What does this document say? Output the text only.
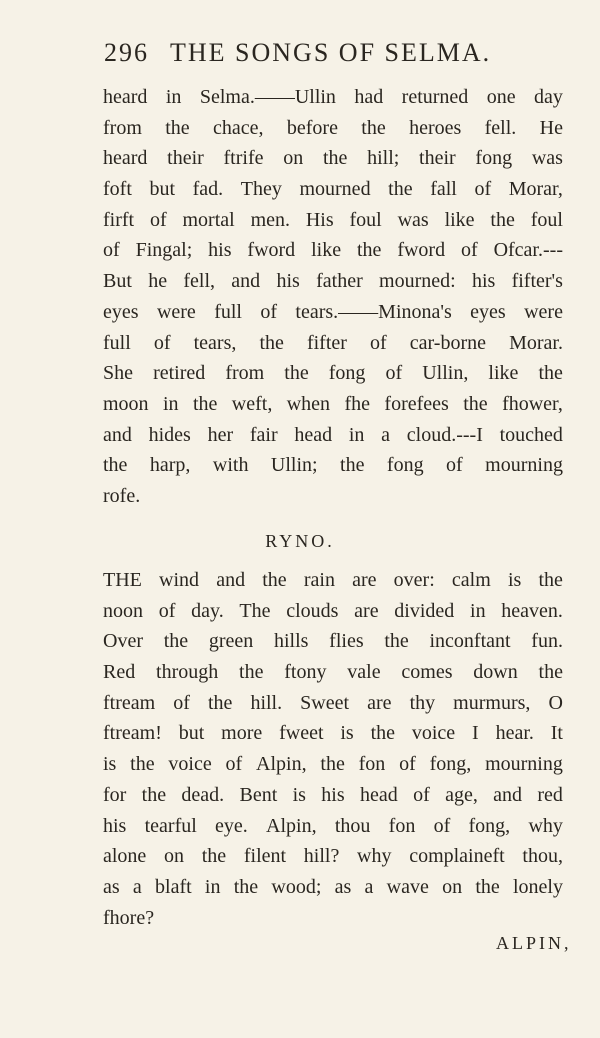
296 THE SONGS OF SELMA.
heard in Selma.——Ullin had returned one day
from the chace, before the heroes fell. He
heard their ftrife on the hill; their fong was
foft but fad. They mourned the fall of Morar,
firft of mortal men. His foul was like the foul
of Fingal; his fword like the fword of Ofcar.---
But he fell, and his father mourned: his fifter's
eyes were full of tears.——Minona's eyes were
full of tears, the fifter of car-borne Morar.
She retired from the fong of Ullin, like the
moon in the weft, when fhe forefees the fhower,
and hides her fair head in a cloud.---I touched
the harp, with Ullin; the fong of mourning
rofe.
RYNO.
THE wind and the rain are over: calm is the
noon of day. The clouds are divided in heaven.
Over the green hills flies the inconftant fun.
Red through the ftony vale comes down the
ftream of the hill. Sweet are thy murmurs, O
ftream! but more fweet is the voice I hear. It
is the voice of Alpin, the fon of fong, mourning
for the dead. Bent is his head of age, and red
his tearful eye. Alpin, thou fon of fong, why
alone on the filent hill? why complaineft thou,
as a blaft in the wood; as a wave on the lonely
fhore?
ALPIN,
